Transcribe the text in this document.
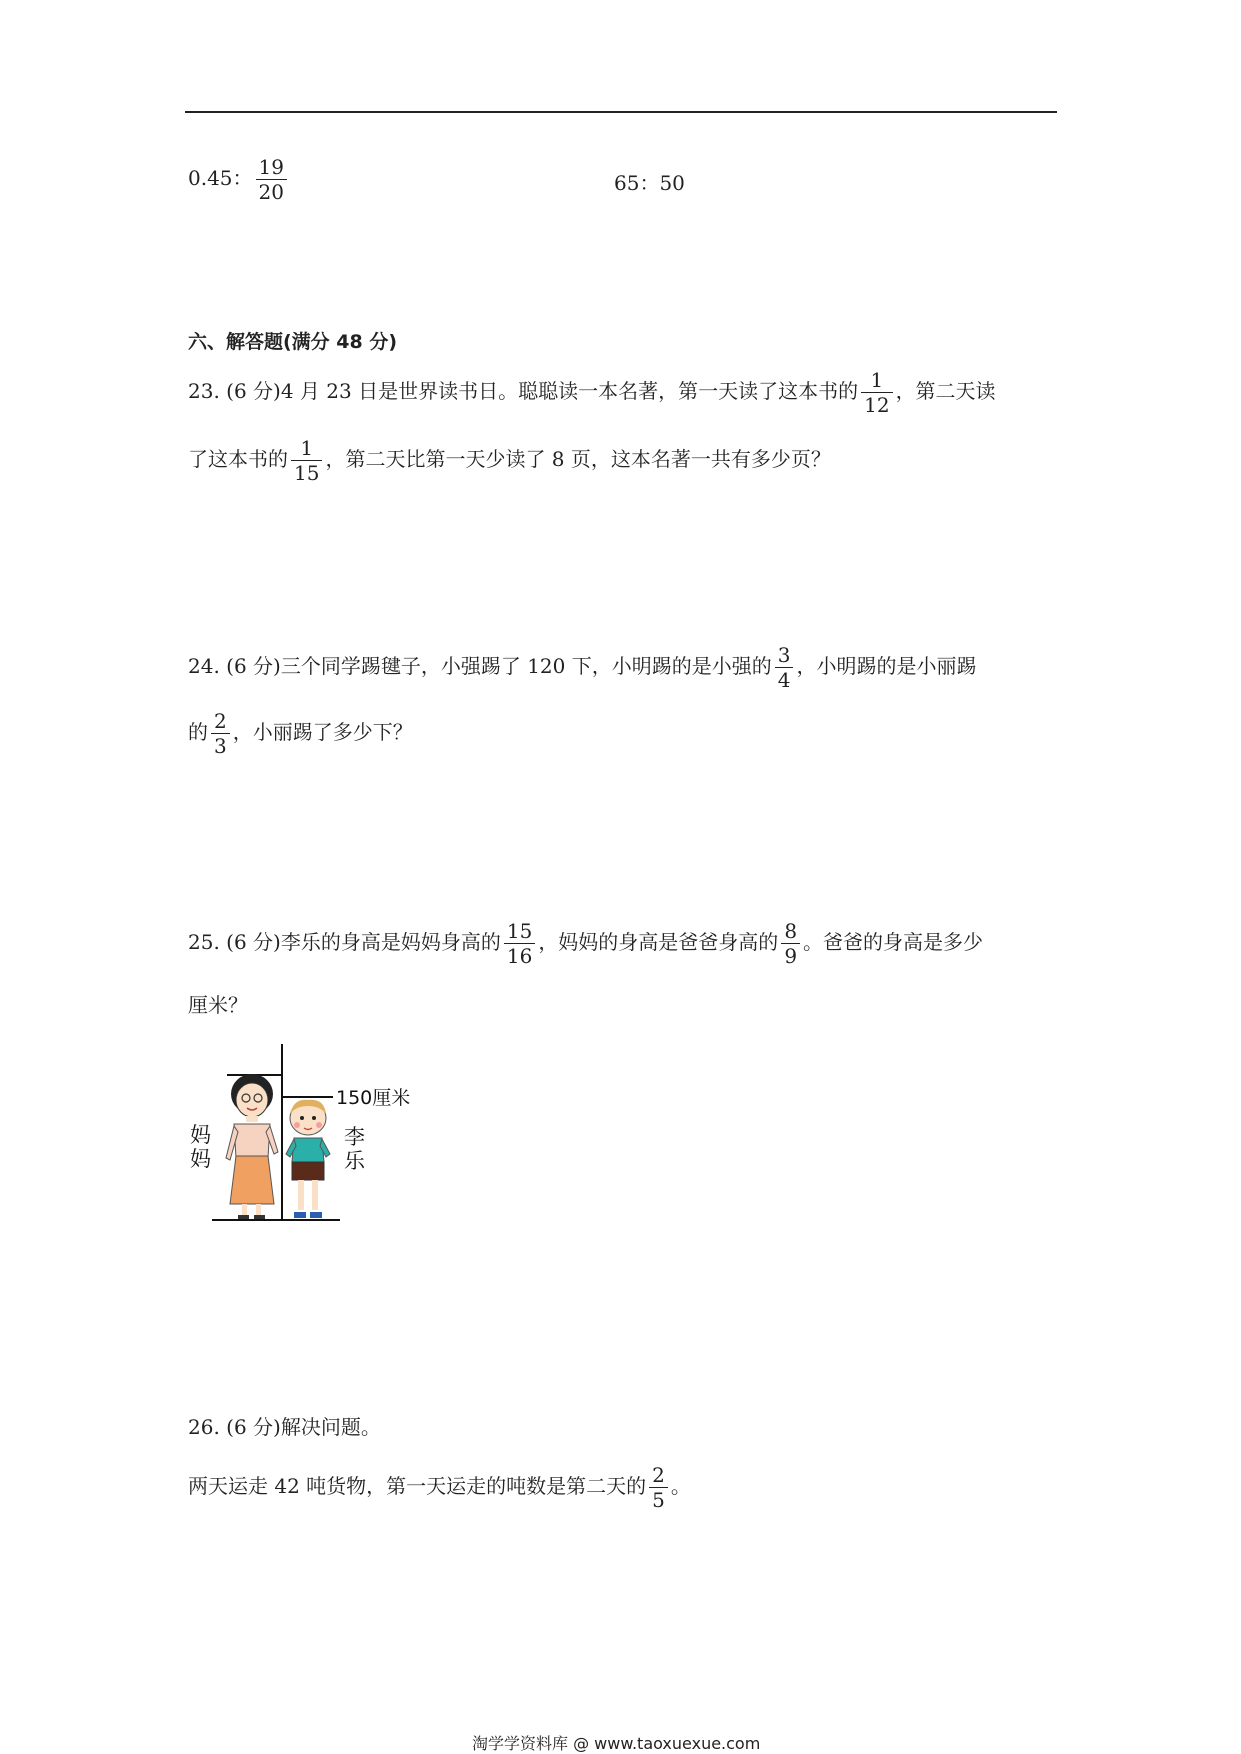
0.45： $\frac{19}{20}$	65：50
六、解答题(满分 48 分)
23. (6 分)4 月 23 日是世界读书日。聪聪读一本名著，第一天读了这本书的 $\frac{1}{12}$ ，第二天读
了这本书的 $\frac{1}{15}$ ，第二天比第一天少读了 8 页，这本名著一共有多少页？
24. (6 分)三个同学踢毽子，小强踢了 120 下，小明踢的是小强的 $\frac{3}{4}$ ，小明踢的是小丽踢
的 $\frac{2}{3}$ ，小丽踢了多少下？
25. (6 分)李乐的身高是妈妈身高的 $\frac{15}{16}$ ，妈妈的身高是爸爸身高的 $\frac{8}{9}$ 。爸爸的身高是多少
厘米？
150厘米
妈
妈
李
乐
26. (6 分)解决问题。
两天运走 42 吨货物，第一天运走的吨数是第二天的 $\frac{2}{5}$ 。
淘学学资料库 @ www.taoxuexue.com
